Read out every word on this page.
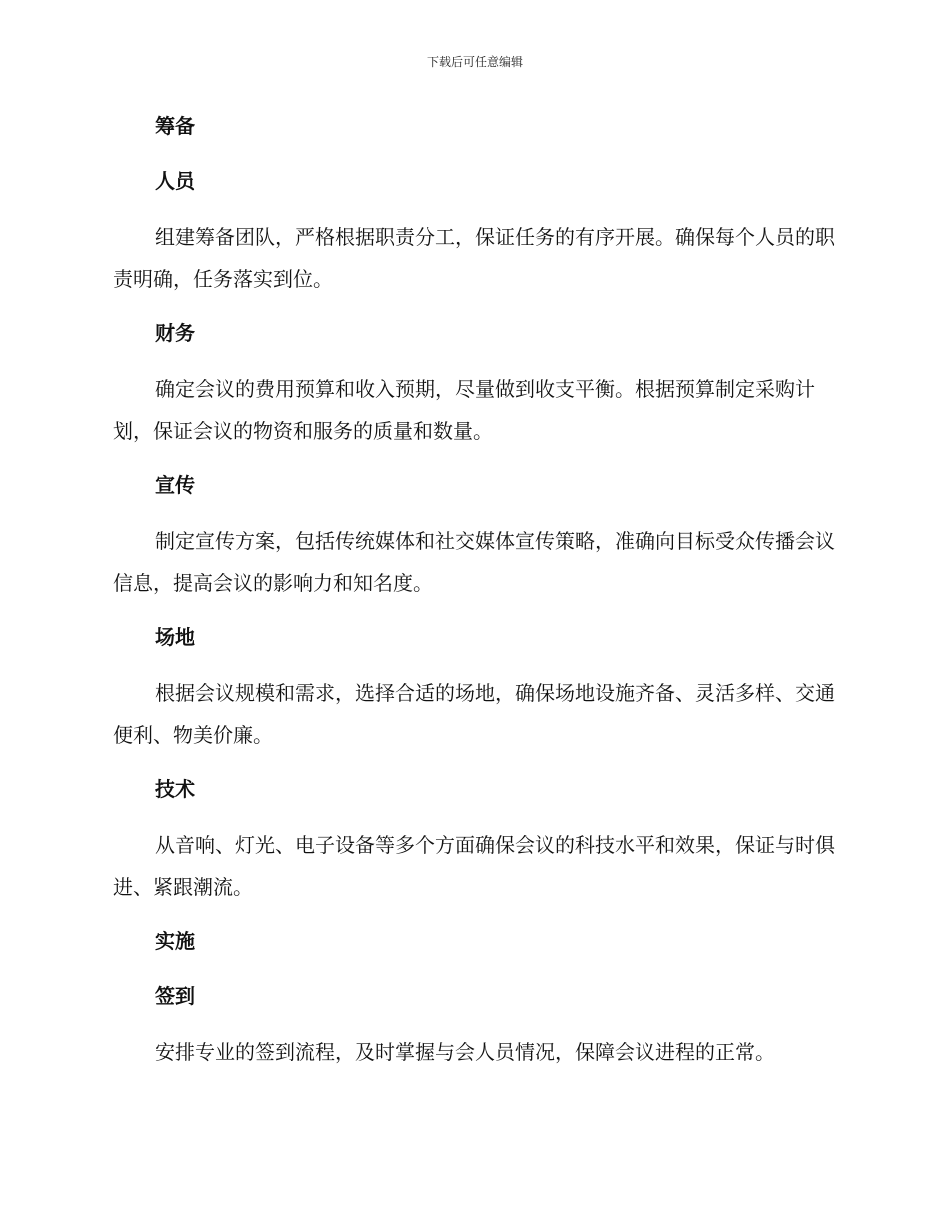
下载后可任意编辑
筹备
人员

组建筹备团队，严格根据职责分工，保证任务的有序开展。确保每个人员的职责明确，任务落实到位。

财务

确定会议的费用预算和收入预期，尽量做到收支平衡。根据预算制定采购计划，保证会议的物资和服务的质量和数量。

宣传

制定宣传方案，包括传统媒体和社交媒体宣传策略，准确向目标受众传播会议信息，提高会议的影响力和知名度。

场地

根据会议规模和需求，选择合适的场地，确保场地设施齐备、灵活多样、交通便利、物美价廉。

技术

从音响、灯光、电子设备等多个方面确保会议的科技水平和效果，保证与时俱进、紧跟潮流。

实施
签到

安排专业的签到流程，及时掌握与会人员情况，保障会议进程的正常。
